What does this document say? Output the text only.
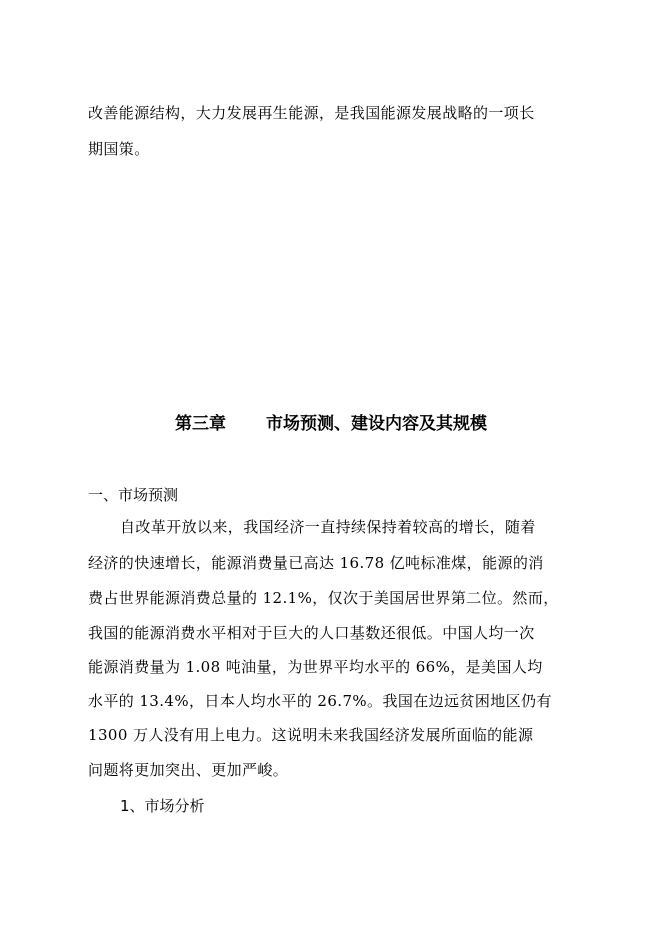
改善能源结构，大力发展再生能源，是我国能源发展战略的一项长
期国策。
第三章 市场预测、建设内容及其规模
一、市场预测
自改革开放以来，我国经济一直持续保持着较高的增长，随着
经济的快速增长，能源消费量已高达 16.78 亿吨标准煤，能源的消
费占世界能源消费总量的 12.1%，仅次于美国居世界第二位。然而，
我国的能源消费水平相对于巨大的人口基数还很低。中国人均一次
能源消费量为 1.08 吨油量，为世界平均水平的 66%，是美国人均
水平的 13.4%，日本人均水平的 26.7%。我国在边远贫困地区仍有
1300 万人没有用上电力。这说明未来我国经济发展所面临的能源
问题将更加突出、更加严峻。
1、市场分析
